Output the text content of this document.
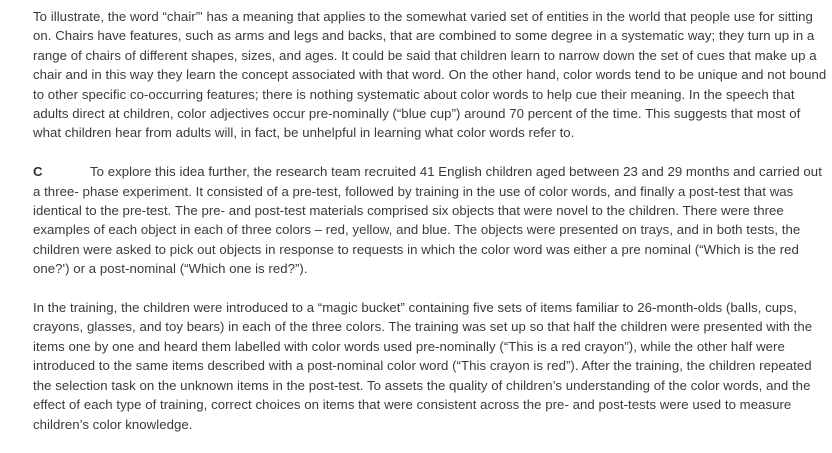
To illustrate, the word “chair”' has a meaning that applies to the somewhat varied set of entities in the world that people use for sitting on. Chairs have features, such as arms and legs and backs, that are combined to some degree in a systematic way; they turn up in a range of chairs of different shapes, sizes, and ages. It could be said that children learn to narrow down the set of cues that make up a chair and in this way they learn the concept associated with that word. On the other hand, color words tend to be unique and not bound to other specific co-occurring features; there is nothing systematic about color words to help cue their meaning. In the speech that adults direct at children, color adjectives occur pre-nominally (“blue cup”) around 70 percent of the time. This suggests that most of what children hear from adults will, in fact, be unhelpful in learning what color words refer to.

C	To explore this idea further, the research team recruited 41 English children aged between 23 and 29 months and carried out a three- phase experiment. It consisted of a pre-test, followed by training in the use of color words, and finally a post-test that was identical to the pre-test. The pre- and post-test materials comprised six objects that were novel to the children. There were three examples of each object in each of three colors – red, yellow, and blue. The objects were presented on trays, and in both tests, the children were asked to pick out objects in response to requests in which the color word was either a pre nominal (“Which is the red one?') or a post-nominal (“Which one is red?”).

In the training, the children were introduced to a “magic bucket” containing five sets of items familiar to 26-month-olds (balls, cups, crayons, glasses, and toy bears) in each of the three colors. The training was set up so that half the children were presented with the items one by one and heard them labelled with color words used pre-nominally (“This is a red crayon”), while the other half were introduced to the same items described with a post-nominal color word (“This crayon is red”). After the training, the children repeated the selection task on the unknown items in the post-test. To assets the quality of children’s understanding of the color words, and the effect of each type of training, correct choices on items that were consistent across the pre- and post-tests were used to measure children’s color knowledge.
